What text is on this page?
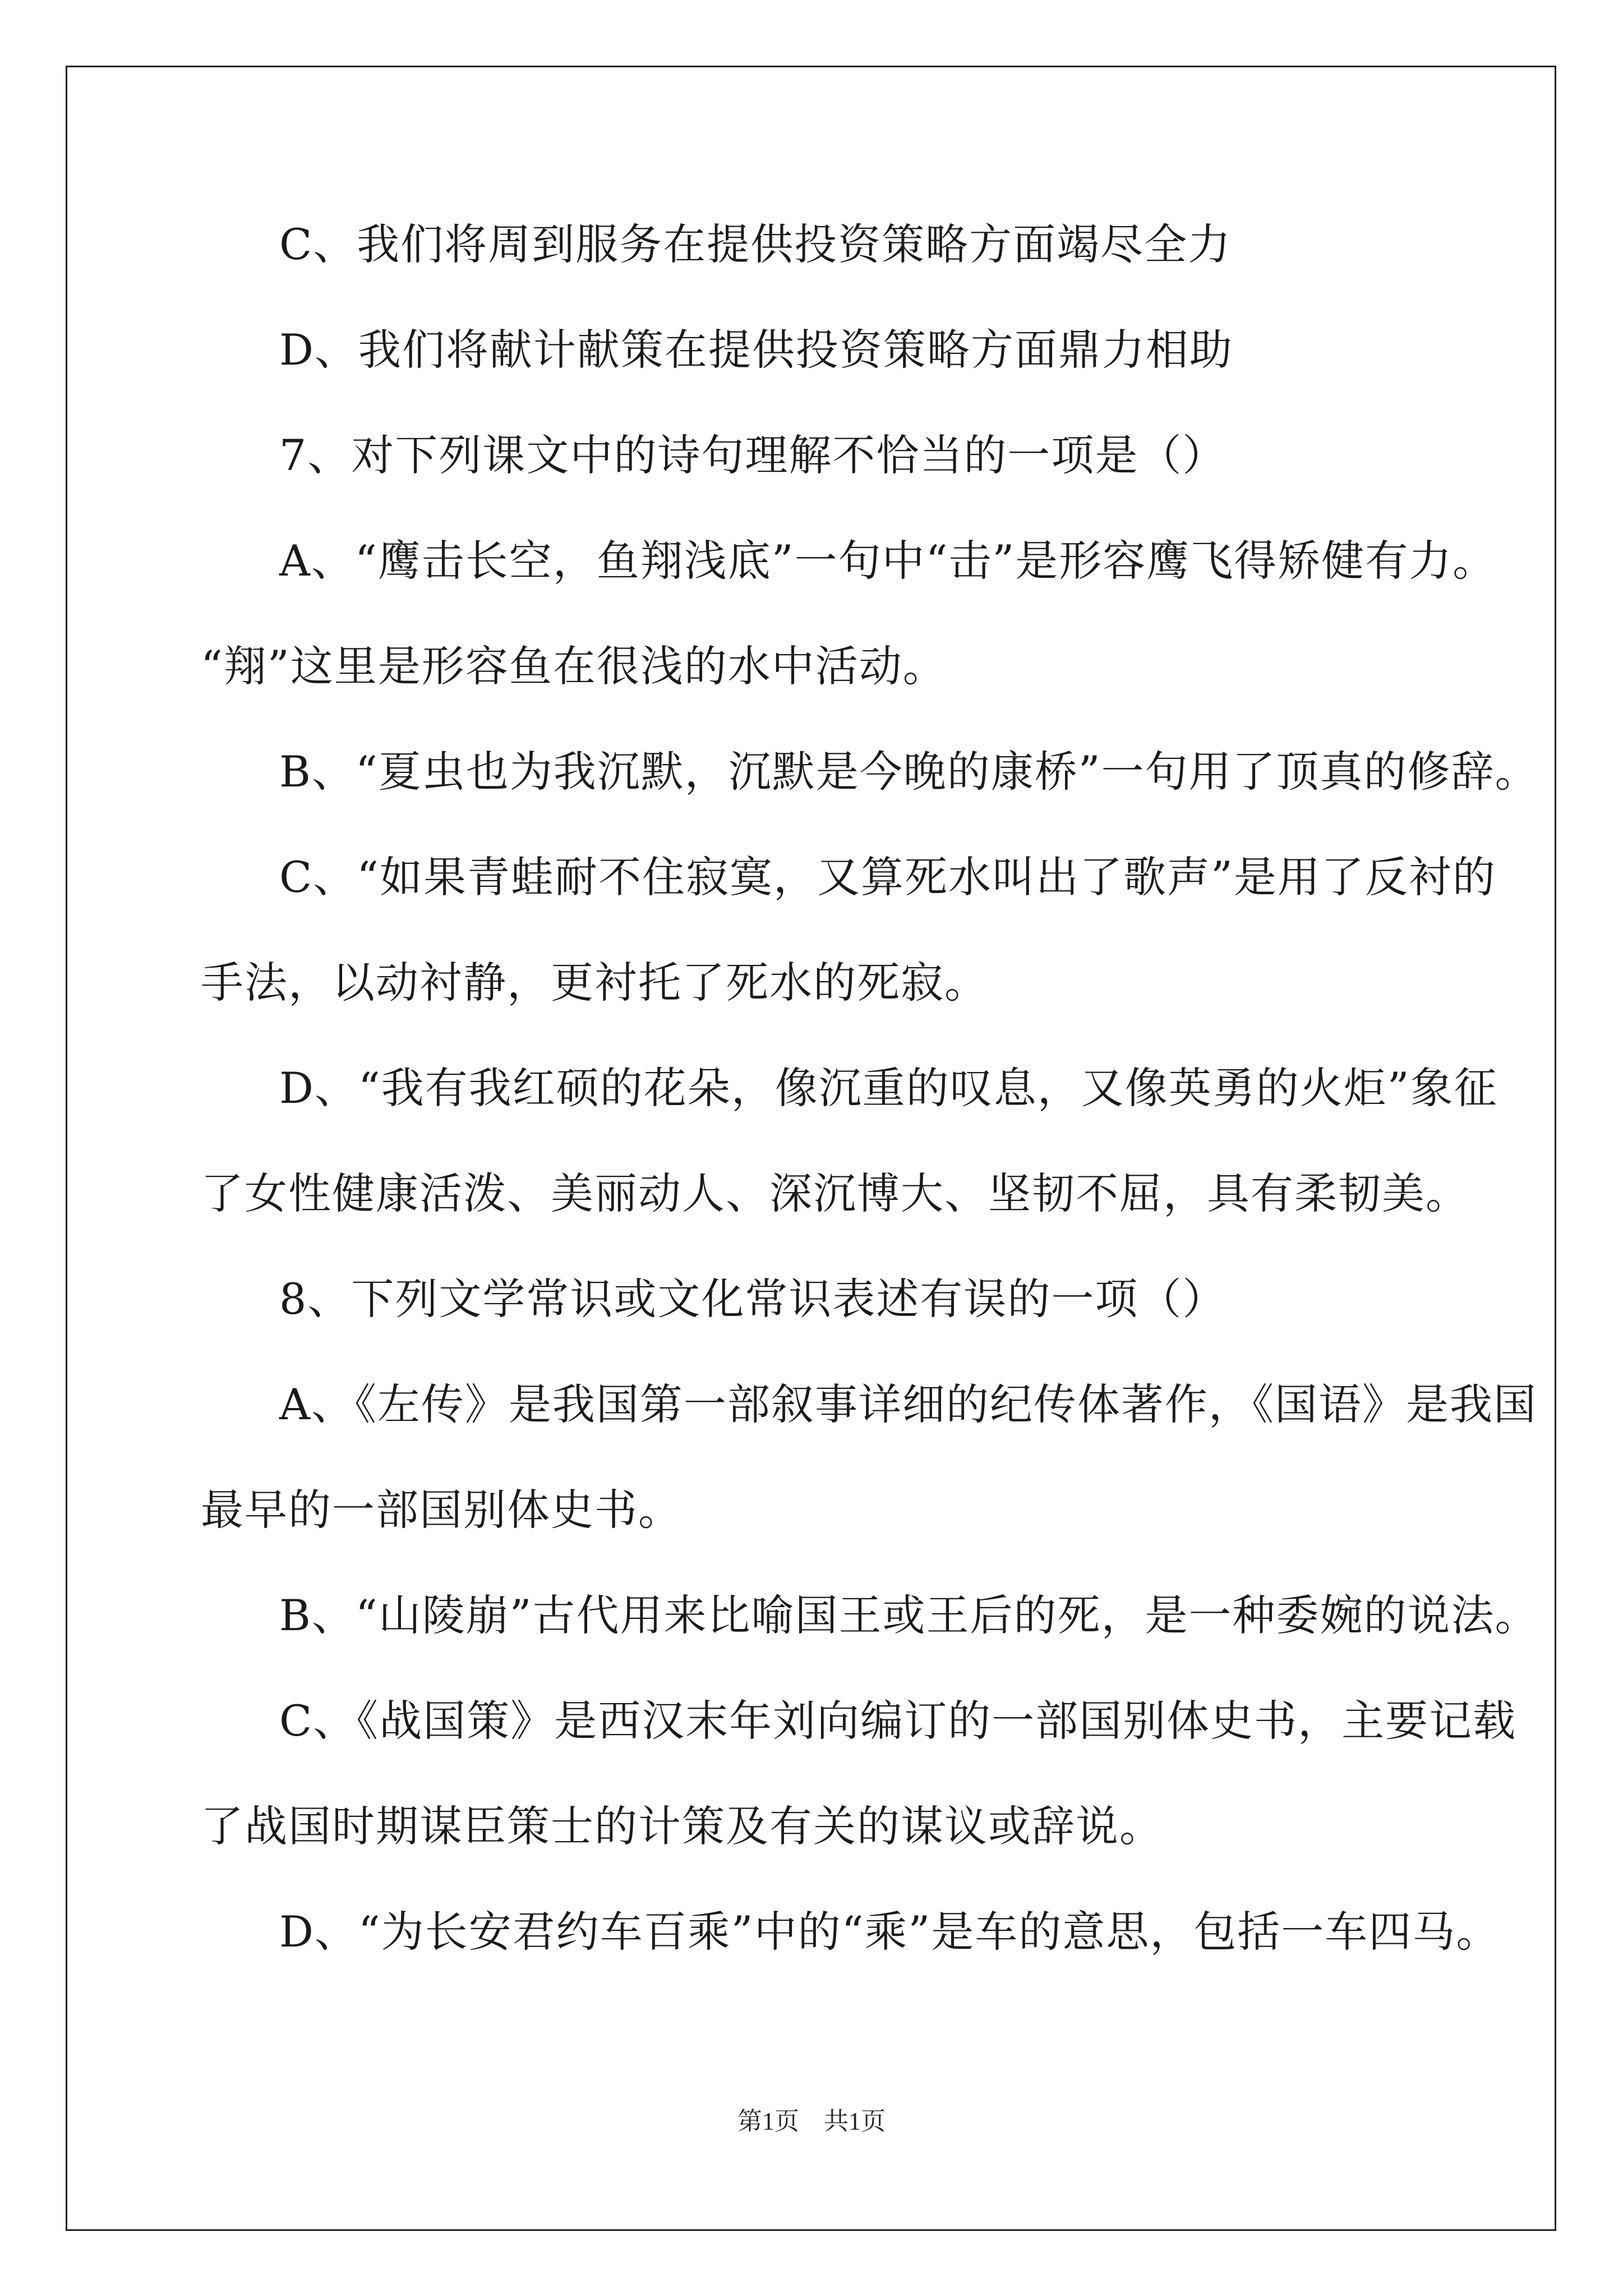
C、我们将周到服务在提供投资策略方面竭尽全力
D、我们将献计献策在提供投资策略方面鼎力相助
7、对下列课文中的诗句理解不恰当的一项是（）
A、“鹰击长空，鱼翔浅底”一句中“击”是形容鹰飞得矫健有力。
“翔”这里是形容鱼在很浅的水中活动。
B、“夏虫也为我沉默，沉默是今晚的康桥”一句用了顶真的修辞。
C、“如果青蛙耐不住寂寞，又算死水叫出了歌声”是用了反衬的
手法，以动衬静，更衬托了死水的死寂。
D、“我有我红硕的花朵，像沉重的叹息，又像英勇的火炬”象征
了女性健康活泼、美丽动人、深沉博大、坚韧不屈，具有柔韧美。
8、下列文学常识或文化常识表述有误的一项（）
A、《左传》是我国第一部叙事详细的纪传体著作，《国语》是我国
最早的一部国别体史书。
B、“山陵崩”古代用来比喻国王或王后的死，是一种委婉的说法。
C、《战国策》是西汉末年刘向编订的一部国别体史书，主要记载
了战国时期谋臣策士的计策及有关的谋议或辞说。
D、“为长安君约车百乘”中的“乘”是车的意思，包括一车四马。
第1页　共1页
